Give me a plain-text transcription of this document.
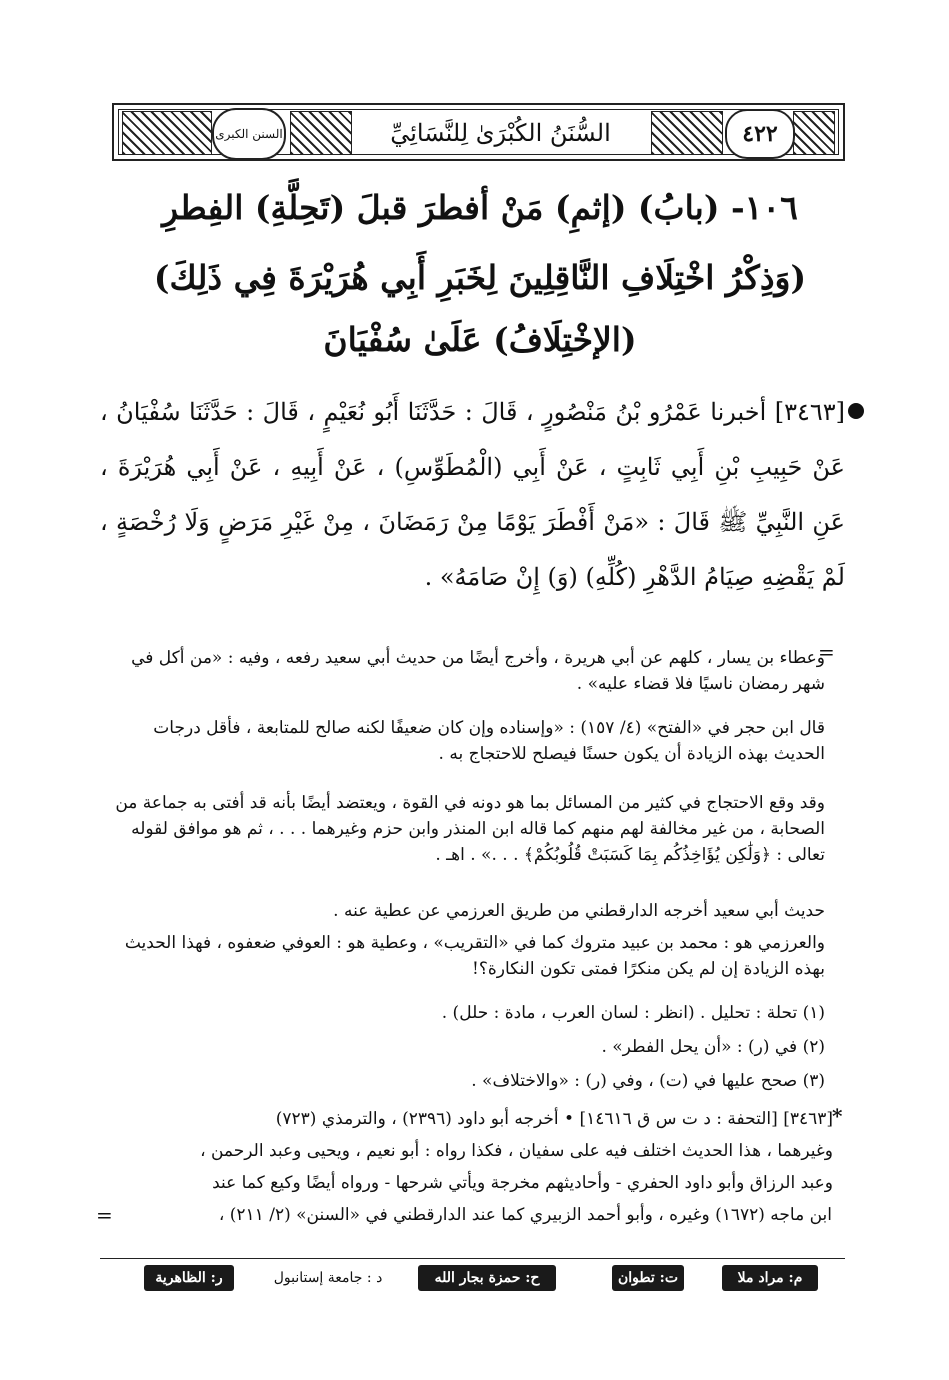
السنن الكبرى	السُّنَنُ الكُبْرَىٰ لِلنَّسَائِيِّ	٤٢٢
١٠٦- (بابُ) (إثمِ) مَنْ أفطرَ قبلَ (تَحِلَّةِ) الفِطرِ
(وَذِكْرُ اخْتِلَافِ النَّاقِلِينَ لِخَبَرِ أَبِي هُرَيْرَةَ فِي ذَلِكَ)
(الإخْتِلَافُ) عَلَىٰ سُفْيَانَ
[٣٤٦٣] أخبرنا عَمْرُو بْنُ مَنْصُورٍ ، قَالَ : حَدَّثَنَا أَبُو نُعَيْمٍ ، قَالَ : حَدَّثَنَا سُفْيَانُ ، عَنْ حَبِيبِ بْنِ أَبِي ثَابِتٍ ، عَنْ أَبِي (الْمُطَوِّسِ) ، عَنْ أَبِيهِ ، عَنْ أَبِي هُرَيْرَةَ ، عَنِ النَّبِيِّ ﷺ قَالَ : «مَنْ أَفْطَرَ يَوْمًا مِنْ رَمَضَانَ ، مِنْ غَيْرِ مَرَضٍ وَلَا رُخْصَةٍ ، لَمْ يَقْضِهِ صِيَامُ الدَّهْرِ (كُلِّهِ) (وَ) إِنْ صَامَهُ» .
=
وعطاء بن يسار ، كلهم عن أبي هريرة ، وأخرج أيضًا من حديث أبي سعيد رفعه ، وفيه : «من أكل في شهر رمضان ناسيًا فلا قضاء عليه» .
قال ابن حجر في «الفتح» (٤/ ١٥٧) : «وإسناده وإن كان ضعيفًا لكنه صالح للمتابعة ، فأقل درجات الحديث بهذه الزيادة أن يكون حسنًا فيصلح للاحتجاج به .
وقد وقع الاحتجاج في كثير من المسائل بما هو دونه في القوة ، ويعتضد أيضًا بأنه قد أفتى به جماعة من الصحابة ، من غير مخالفة لهم منهم كما قاله ابن المنذر وابن حزم وغيرهما . . . ، ثم هو موافق لقوله تعالى : ﴿وَلَٰكِن يُؤَاخِذُكُم بِمَا كَسَبَتْ قُلُوبُكُمْ﴾ . . .» . اهـ .
حديث أبي سعيد أخرجه الدارقطني من طريق العرزمي عن عطية عنه .
والعرزمي هو : محمد بن عبيد متروك كما في «التقريب» ، وعطية هو : العوفي ضعفوه ، فهذا الحديث بهذه الزيادة إن لم يكن منكرًا فمتى تكون النكارة؟!
(١) تحلة : تحليل . (انظر : لسان العرب ، مادة : حلل) .
(٢) في (ر) : «أن يحل الفطر» .
(٣) صحح عليها في (ت) ، وفي (ر) : «والاختلاف» .
*
[٣٤٦٣] [التحفة : د ت س ق ١٤٦١٦] • أخرجه أبو داود (٢٣٩٦) ، والترمذي (٧٢٣)
وغيرهما ، هذا الحديث اختلف فيه على سفيان ، فكذا رواه : أبو نعيم ، ويحيى وعبد الرحمن ،
وعبد الرزاق وأبو داود الحفري - وأحاديثهم مخرجة ويأتي شرحها - ورواه أيضًا وكيع كما عند
ابن ماجه (١٦٧٢) وغيره ، وأبو أحمد الزبيري كما عند الدارقطني في «السنن» (٢/ ٢١١) ،
=
م: مراد ملا
ت: تطوان
ح: حمزة بجار الله
د : جامعة إستانبول
ر: الظاهرية
